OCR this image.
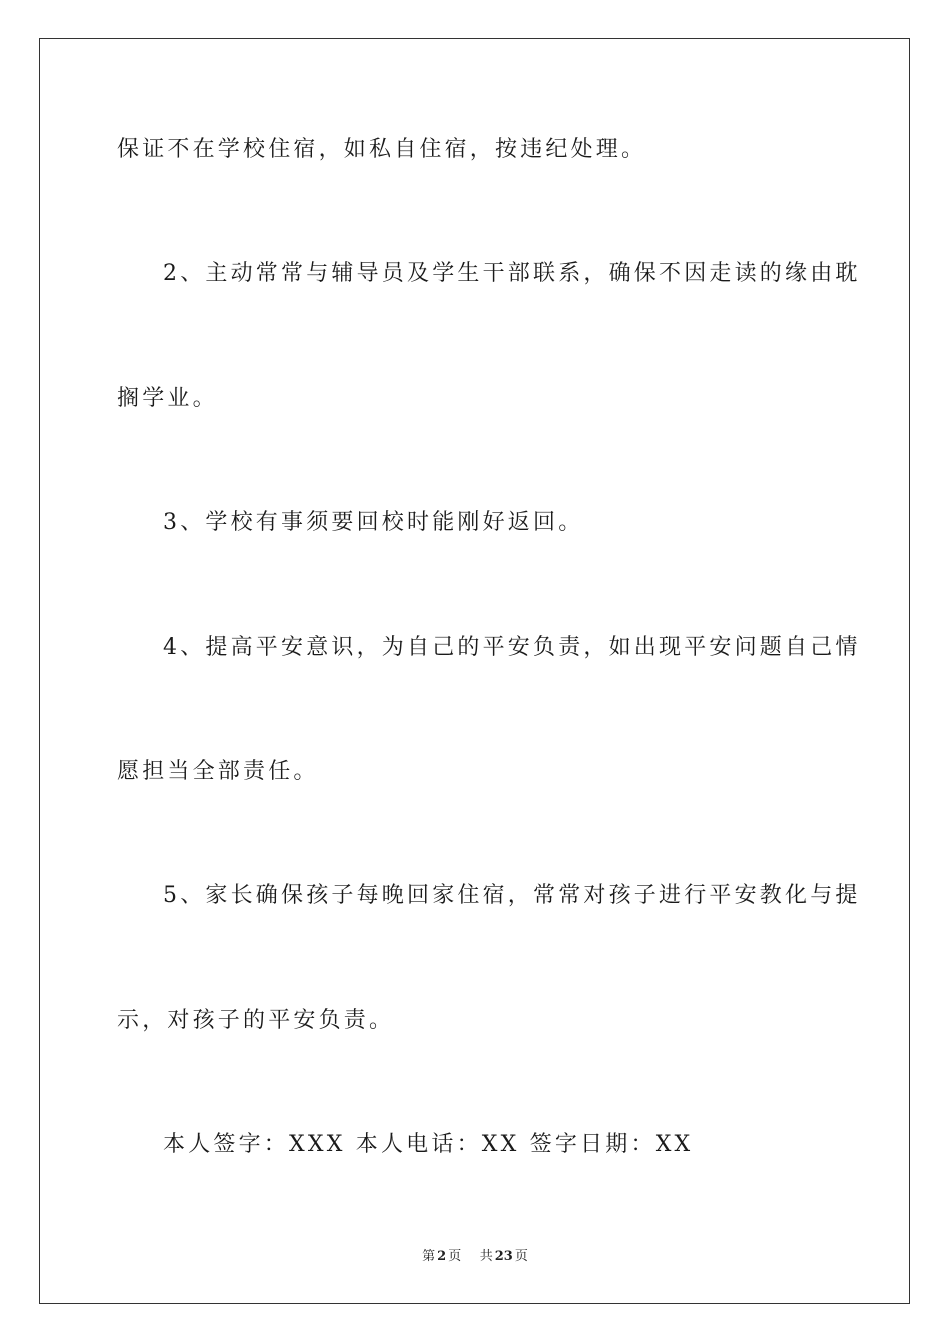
保证不在学校住宿，如私自住宿，按违纪处理。
2、主动常常与辅导员及学生干部联系，确保不因走读的缘由耽
搁学业。
3、学校有事须要回校时能刚好返回。
4、提高平安意识，为自己的平安负责，如出现平安问题自己情
愿担当全部责任。
5、家长确保孩子每晚回家住宿，常常对孩子进行平安教化与提
示，对孩子的平安负责。
本人签字：XXX 本人电话：XX 签字日期：XX
第 2 页 共 23 页
